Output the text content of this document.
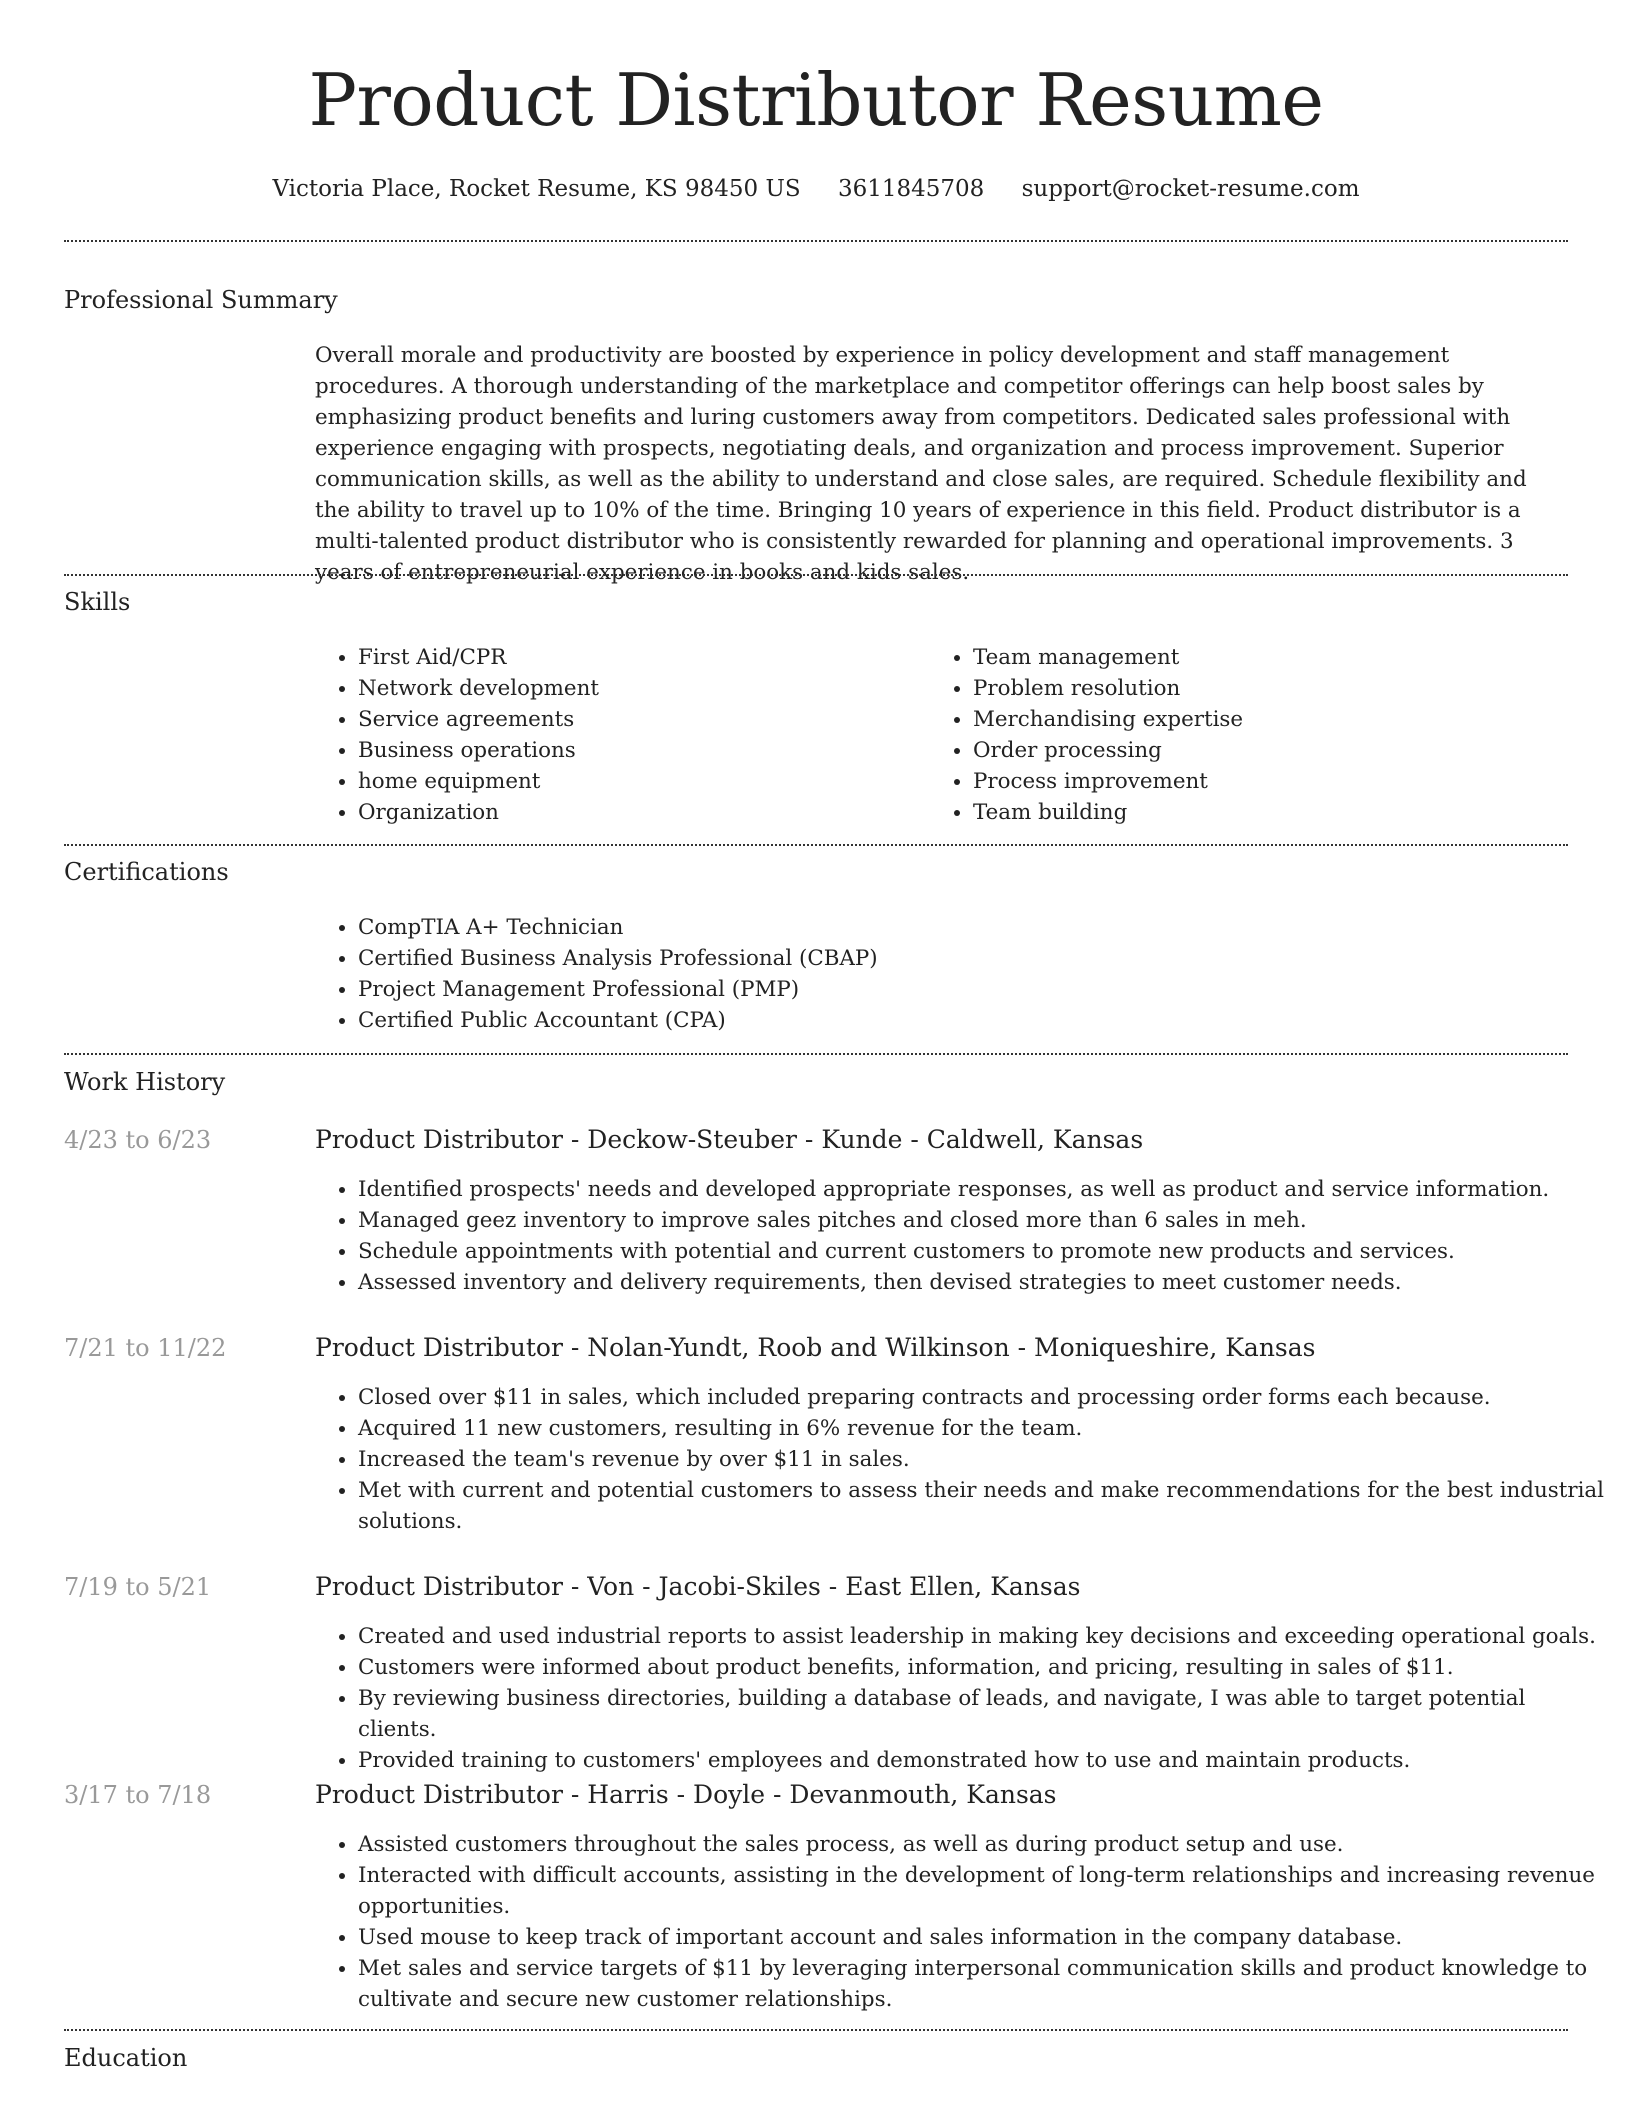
Product Distributor Resume
Victoria Place, Rocket Resume, KS 98450 US 3611845708 support@rocket-resume.com
Professional Summary
Overall morale and productivity are boosted by experience in policy development and staff management procedures. A thorough understanding of the marketplace and competitor offerings can help boost sales by emphasizing product benefits and luring customers away from competitors. Dedicated sales professional with experience engaging with prospects, negotiating deals, and organization and process improvement. Superior communication skills, as well as the ability to understand and close sales, are required. Schedule flexibility and the ability to travel up to 10% of the time. Bringing 10 years of experience in this field. Product distributor is a multi-talented product distributor who is consistently rewarded for planning and operational improvements. 3 years of entrepreneurial experience in books and kids sales.
Skills
• First Aid/CPR
• Network development
• Service agreements
• Business operations
• home equipment
• Organization
• Team management
• Problem resolution
• Merchandising expertise
• Order processing
• Process improvement
• Team building
Certifications
• CompTIA A+ Technician
• Certified Business Analysis Professional (CBAP)
• Project Management Professional (PMP)
• Certified Public Accountant (CPA)
Work History
4/23 to 6/23	Product Distributor - Deckow-Steuber - Kunde - Caldwell, Kansas
• Identified prospects' needs and developed appropriate responses, as well as product and service information.
• Managed geez inventory to improve sales pitches and closed more than 6 sales in meh.
• Schedule appointments with potential and current customers to promote new products and services.
• Assessed inventory and delivery requirements, then devised strategies to meet customer needs.
7/21 to 11/22	Product Distributor - Nolan-Yundt, Roob and Wilkinson - Moniqueshire, Kansas
• Closed over $11 in sales, which included preparing contracts and processing order forms each because.
• Acquired 11 new customers, resulting in 6% revenue for the team.
• Increased the team's revenue by over $11 in sales.
• Met with current and potential customers to assess their needs and make recommendations for the best industrial solutions.
7/19 to 5/21	Product Distributor - Von - Jacobi-Skiles - East Ellen, Kansas
• Created and used industrial reports to assist leadership in making key decisions and exceeding operational goals.
• Customers were informed about product benefits, information, and pricing, resulting in sales of $11.
• By reviewing business directories, building a database of leads, and navigate, I was able to target potential clients.
• Provided training to customers' employees and demonstrated how to use and maintain products.
3/17 to 7/18	Product Distributor - Harris - Doyle - Devanmouth, Kansas
• Assisted customers throughout the sales process, as well as during product setup and use.
• Interacted with difficult accounts, assisting in the development of long-term relationships and increasing revenue opportunities.
• Used mouse to keep track of important account and sales information in the company database.
• Met sales and service targets of $11 by leveraging interpersonal communication skills and product knowledge to cultivate and secure new customer relationships.
Education
